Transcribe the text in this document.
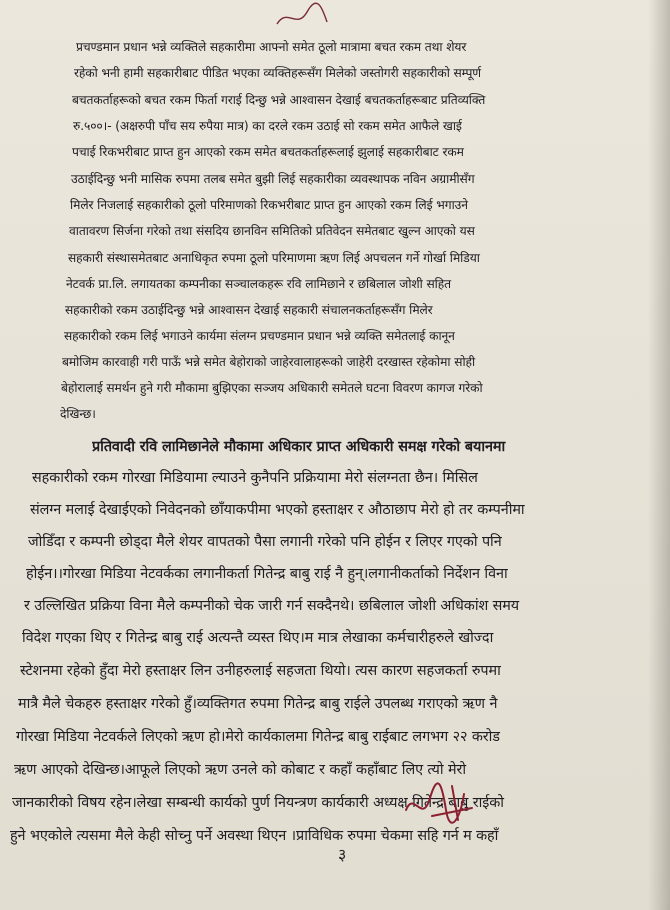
प्रचण्डमान प्रधान भन्ने व्यक्तिले सहकारीमा आफ्नो समेत ठूलो मात्रामा बचत रकम तथा शेयर
रहेको भनी हामी सहकारीबाट पीडित भएका व्यक्तिहरूसँग मिलेको जस्तोगरी सहकारीको सम्पूर्ण
बचतकर्ताहरूको बचत रकम फिर्ता गराई दिन्छु भन्ने आश्वासन देखाई बचतकर्ताहरूबाट प्रतिव्यक्ति
रु.५००।- (अक्षरुपी पाँच सय रुपैया मात्र) का दरले रकम उठाई सो रकम समेत आफैले खाई
पचाई रिकभरीबाट प्राप्त हुन आएको रकम समेत बचतकर्ताहरूलाई झुलाई सहकारीबाट रकम
उठाईदिन्छु भनी मासिक रुपमा तलब समेत बुझी लिई सहकारीका व्यवस्थापक नविन अग्रामीसँग
मिलेर निजलाई सहकारीको ठूलो परिमाणको रिकभरीबाट प्राप्त हुन आएको रकम लिई भगाउने
वातावरण सिर्जना गरेको तथा संसदिय छानविन समितिको प्रतिवेदन समेतबाट खुल्न आएको यस
सहकारी संस्थासमेतबाट अनाधिकृत रुपमा ठूलो परिमाणमा ऋण लिई अपचलन गर्ने गोर्खा मिडिया
नेटवर्क प्रा.लि. लगायतका कम्पनीका सञ्चालकहरू रवि लामिछाने र छबिलाल जोशी सहित
सहकारीको रकम उठाईदिन्छु भन्ने आश्वासन देखाई सहकारी संचालनकर्ताहरूसँग मिलेर
सहकारीको रकम लिई भगाउने कार्यमा संलग्न प्रचण्डमान प्रधान भन्ने व्यक्ति समेतलाई कानून
बमोजिम कारवाही गरी पाऊँ भन्ने समेत बेहोराको जाहेरवालाहरूको जाहेरी दरखास्त रहेकोमा सोही
बेहोरालाई समर्थन हुने गरी मौकामा बुझिएका सञ्जय अधिकारी समेतले घटना विवरण कागज गरेको
देखिन्छ।
प्रतिवादी रवि लामिछानेले मौकामा अधिकार प्राप्त अधिकारी समक्ष गरेको बयानमा
सहकारीको रकम गोरखा मिडियामा ल्याउने कुनैपनि प्रक्रियामा मेरो संलग्नता छैन। मिसिल
संलग्न मलाई देखाईएको निवेदनको छाँयाकपीमा भएको हस्ताक्षर र औठाछाप मेरो हो तर कम्पनीमा
जोडिँदा र कम्पनी छोड्दा मैले शेयर वापतको पैसा लगानी गरेको पनि होईन र लिएर गएको पनि
होईन।।गोरखा मिडिया नेटवर्कका लगानीकर्ता गितेन्द्र बाबु राई नै हुन्।लगानीकर्ताको निर्देशन विना
र उल्लिखित प्रक्रिया विना मैले कम्पनीको चेक जारी गर्न सक्दैनथे। छबिलाल जोशी अधिकांश समय
विदेश गएका थिए र गितेन्द्र बाबु राई अत्यन्तै व्यस्त थिए।म मात्र लेखाका कर्मचारीहरुले खोज्दा
स्टेशनमा रहेको हुँदा मेरो हस्ताक्षर लिन उनीहरुलाई सहजता थियो। त्यस कारण सहजकर्ता रुपमा
मात्रै मैले चेकहरु हस्ताक्षर गरेको हुँ।व्यक्तिगत रुपमा गितेन्द्र बाबु राईले उपलब्ध गराएको ऋण नै
गोरखा मिडिया नेटवर्कले लिएको ऋण हो।मेरो कार्यकालमा गितेन्द्र बाबु राईबाट लगभग २२ करोड
ऋण आएको देखिन्छ।आफूले लिएको ऋण उनले को कोबाट र कहाँ कहाँबाट लिए त्यो मेरो
जानकारीको विषय रहेन।लेखा सम्बन्धी कार्यको पुर्ण नियन्त्रण कार्यकारी अध्यक्ष गितेन्द्र बाबु राईको
हुने भएकोले त्यसमा मैले केही सोच्नु पर्ने अवस्था थिएन ।प्राविधिक रुपमा चेकमा सहि गर्न म कहाँ
३
